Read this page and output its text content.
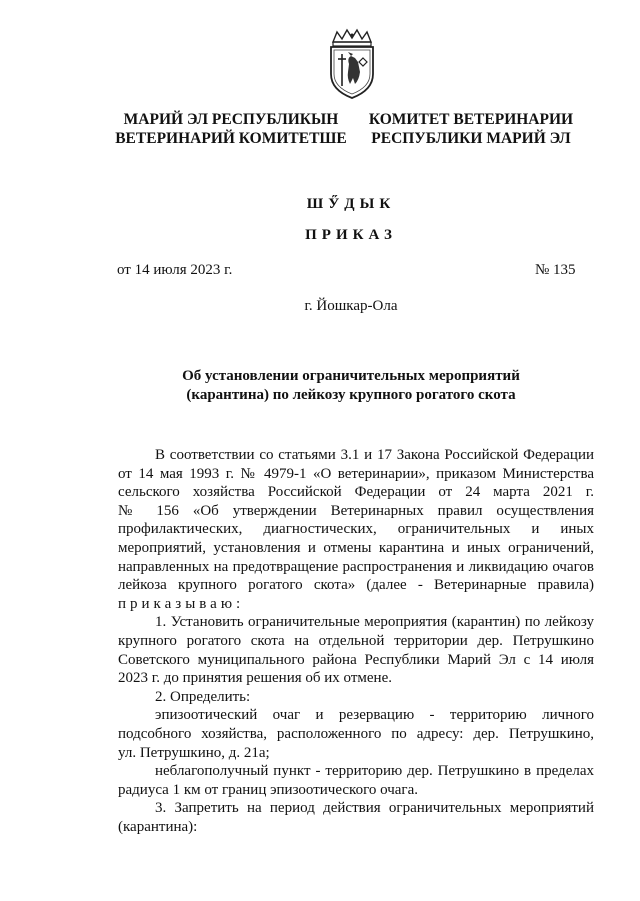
МАРИЙ ЭЛ РЕСПУБЛИКЫН
ВЕТЕРИНАРИЙ КОМИТЕТШЕ
КОМИТЕТ ВЕТЕРИНАРИИ
РЕСПУБЛИКИ МАРИЙ ЭЛ
ШӲДЫК
ПРИКАЗ
от 14 июля 2023 г.	№ 135
г. Йошкар-Ола
Об установлении ограничительных мероприятий
(карантина) по лейкозу крупного рогатого скота
В соответствии со статьями 3.1 и 17 Закона Российской Федерации
от 14 мая 1993 г. № 4979-1 «О ветеринарии», приказом Министерства
сельского хозяйства Российской Федерации от 24 марта 2021 г.
№ 156 «Об утверждении Ветеринарных правил осуществления
профилактических, диагностических, ограничительных и иных
мероприятий, установления и отмены карантина и иных ограничений,
направленных на предотвращение распространения и ликвидацию очагов
лейкоза крупного рогатого скота» (далее - Ветеринарные правила)
приказываю:
1. Установить ограничительные мероприятия (карантин) по лейкозу
крупного рогатого скота на отдельной территории дер. Петрушкино
Советского муниципального района Республики Марий Эл с 14 июля
2023 г. до принятия решения об их отмене.
2. Определить:
эпизоотический очаг и резервацию - территорию личного
подсобного хозяйства, расположенного по адресу: дер. Петрушкино,
ул. Петрушкино, д. 21а;
неблагополучный пункт - территорию дер. Петрушкино в пределах
радиуса 1 км от границ эпизоотического очага.
3. Запретить на период действия ограничительных мероприятий
(карантина):
